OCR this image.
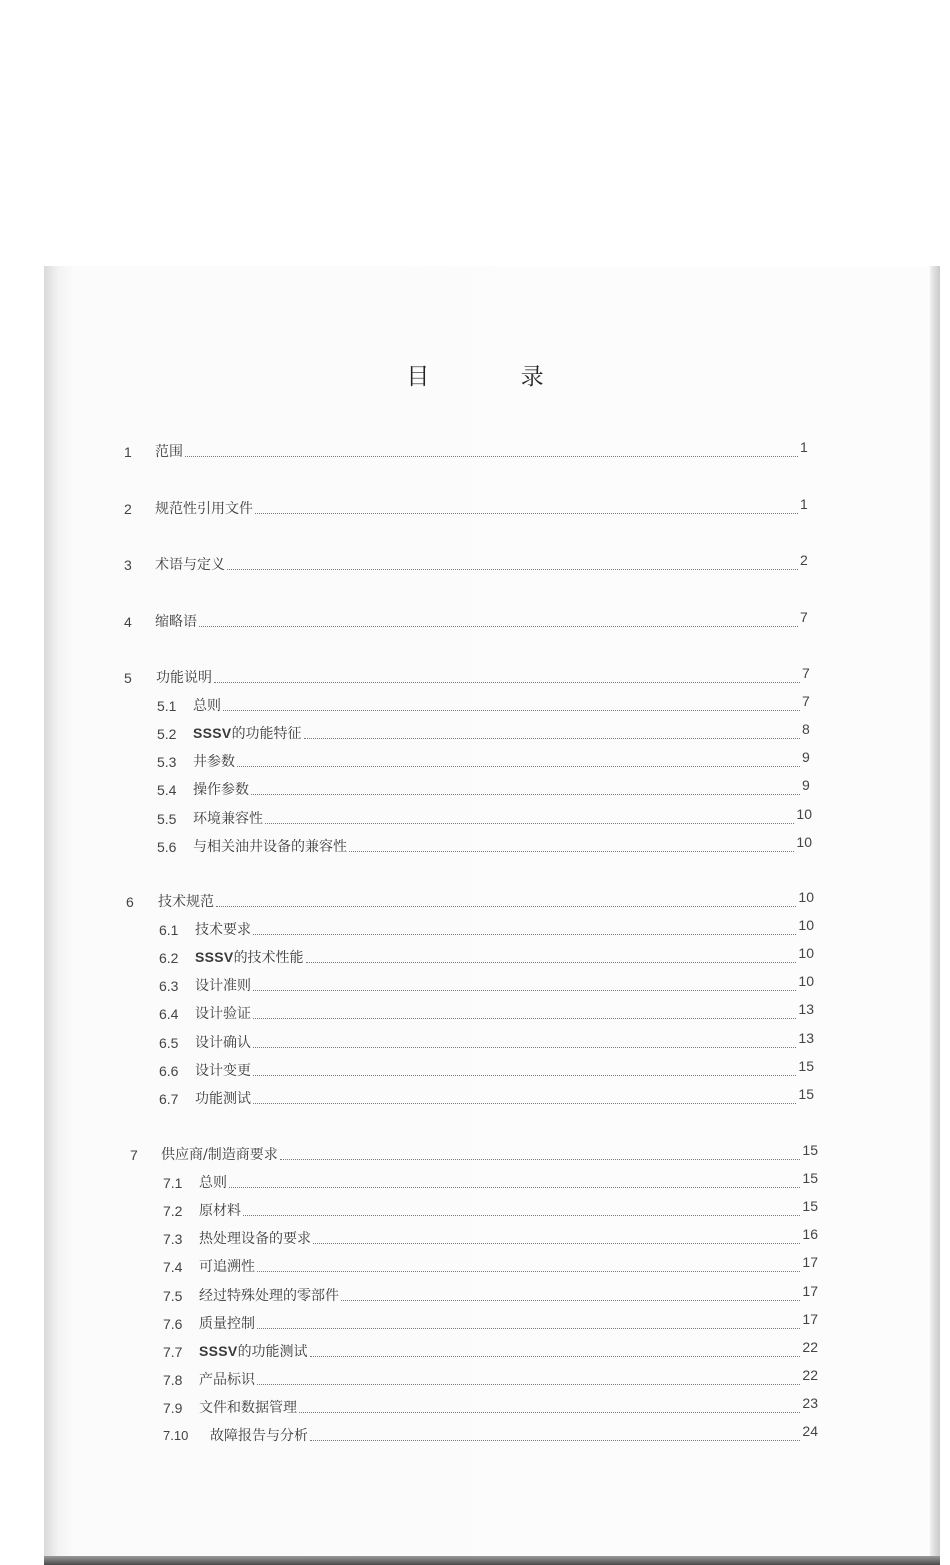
目 录
1	范围	1
2	规范性引用文件	1
3	术语与定义	2
4	缩略语	7
5	功能说明	7
5.1	总则	7
5.2	SSSV的功能特征	8
5.3	井参数	9
5.4	操作参数	9
5.5	环境兼容性	10
5.6	与相关油井设备的兼容性	10
6	技术规范	10
6.1	技术要求	10
6.2	SSSV的技术性能	10
6.3	设计准则	10
6.4	设计验证	13
6.5	设计确认	13
6.6	设计变更	15
6.7	功能测试	15
7	供应商/制造商要求	15
7.1	总则	15
7.2	原材料	15
7.3	热处理设备的要求	16
7.4	可追溯性	17
7.5	经过特殊处理的零部件	17
7.6	质量控制	17
7.7	SSSV的功能测试	22
7.8	产品标识	22
7.9	文件和数据管理	23
7.10	故障报告与分析	24
